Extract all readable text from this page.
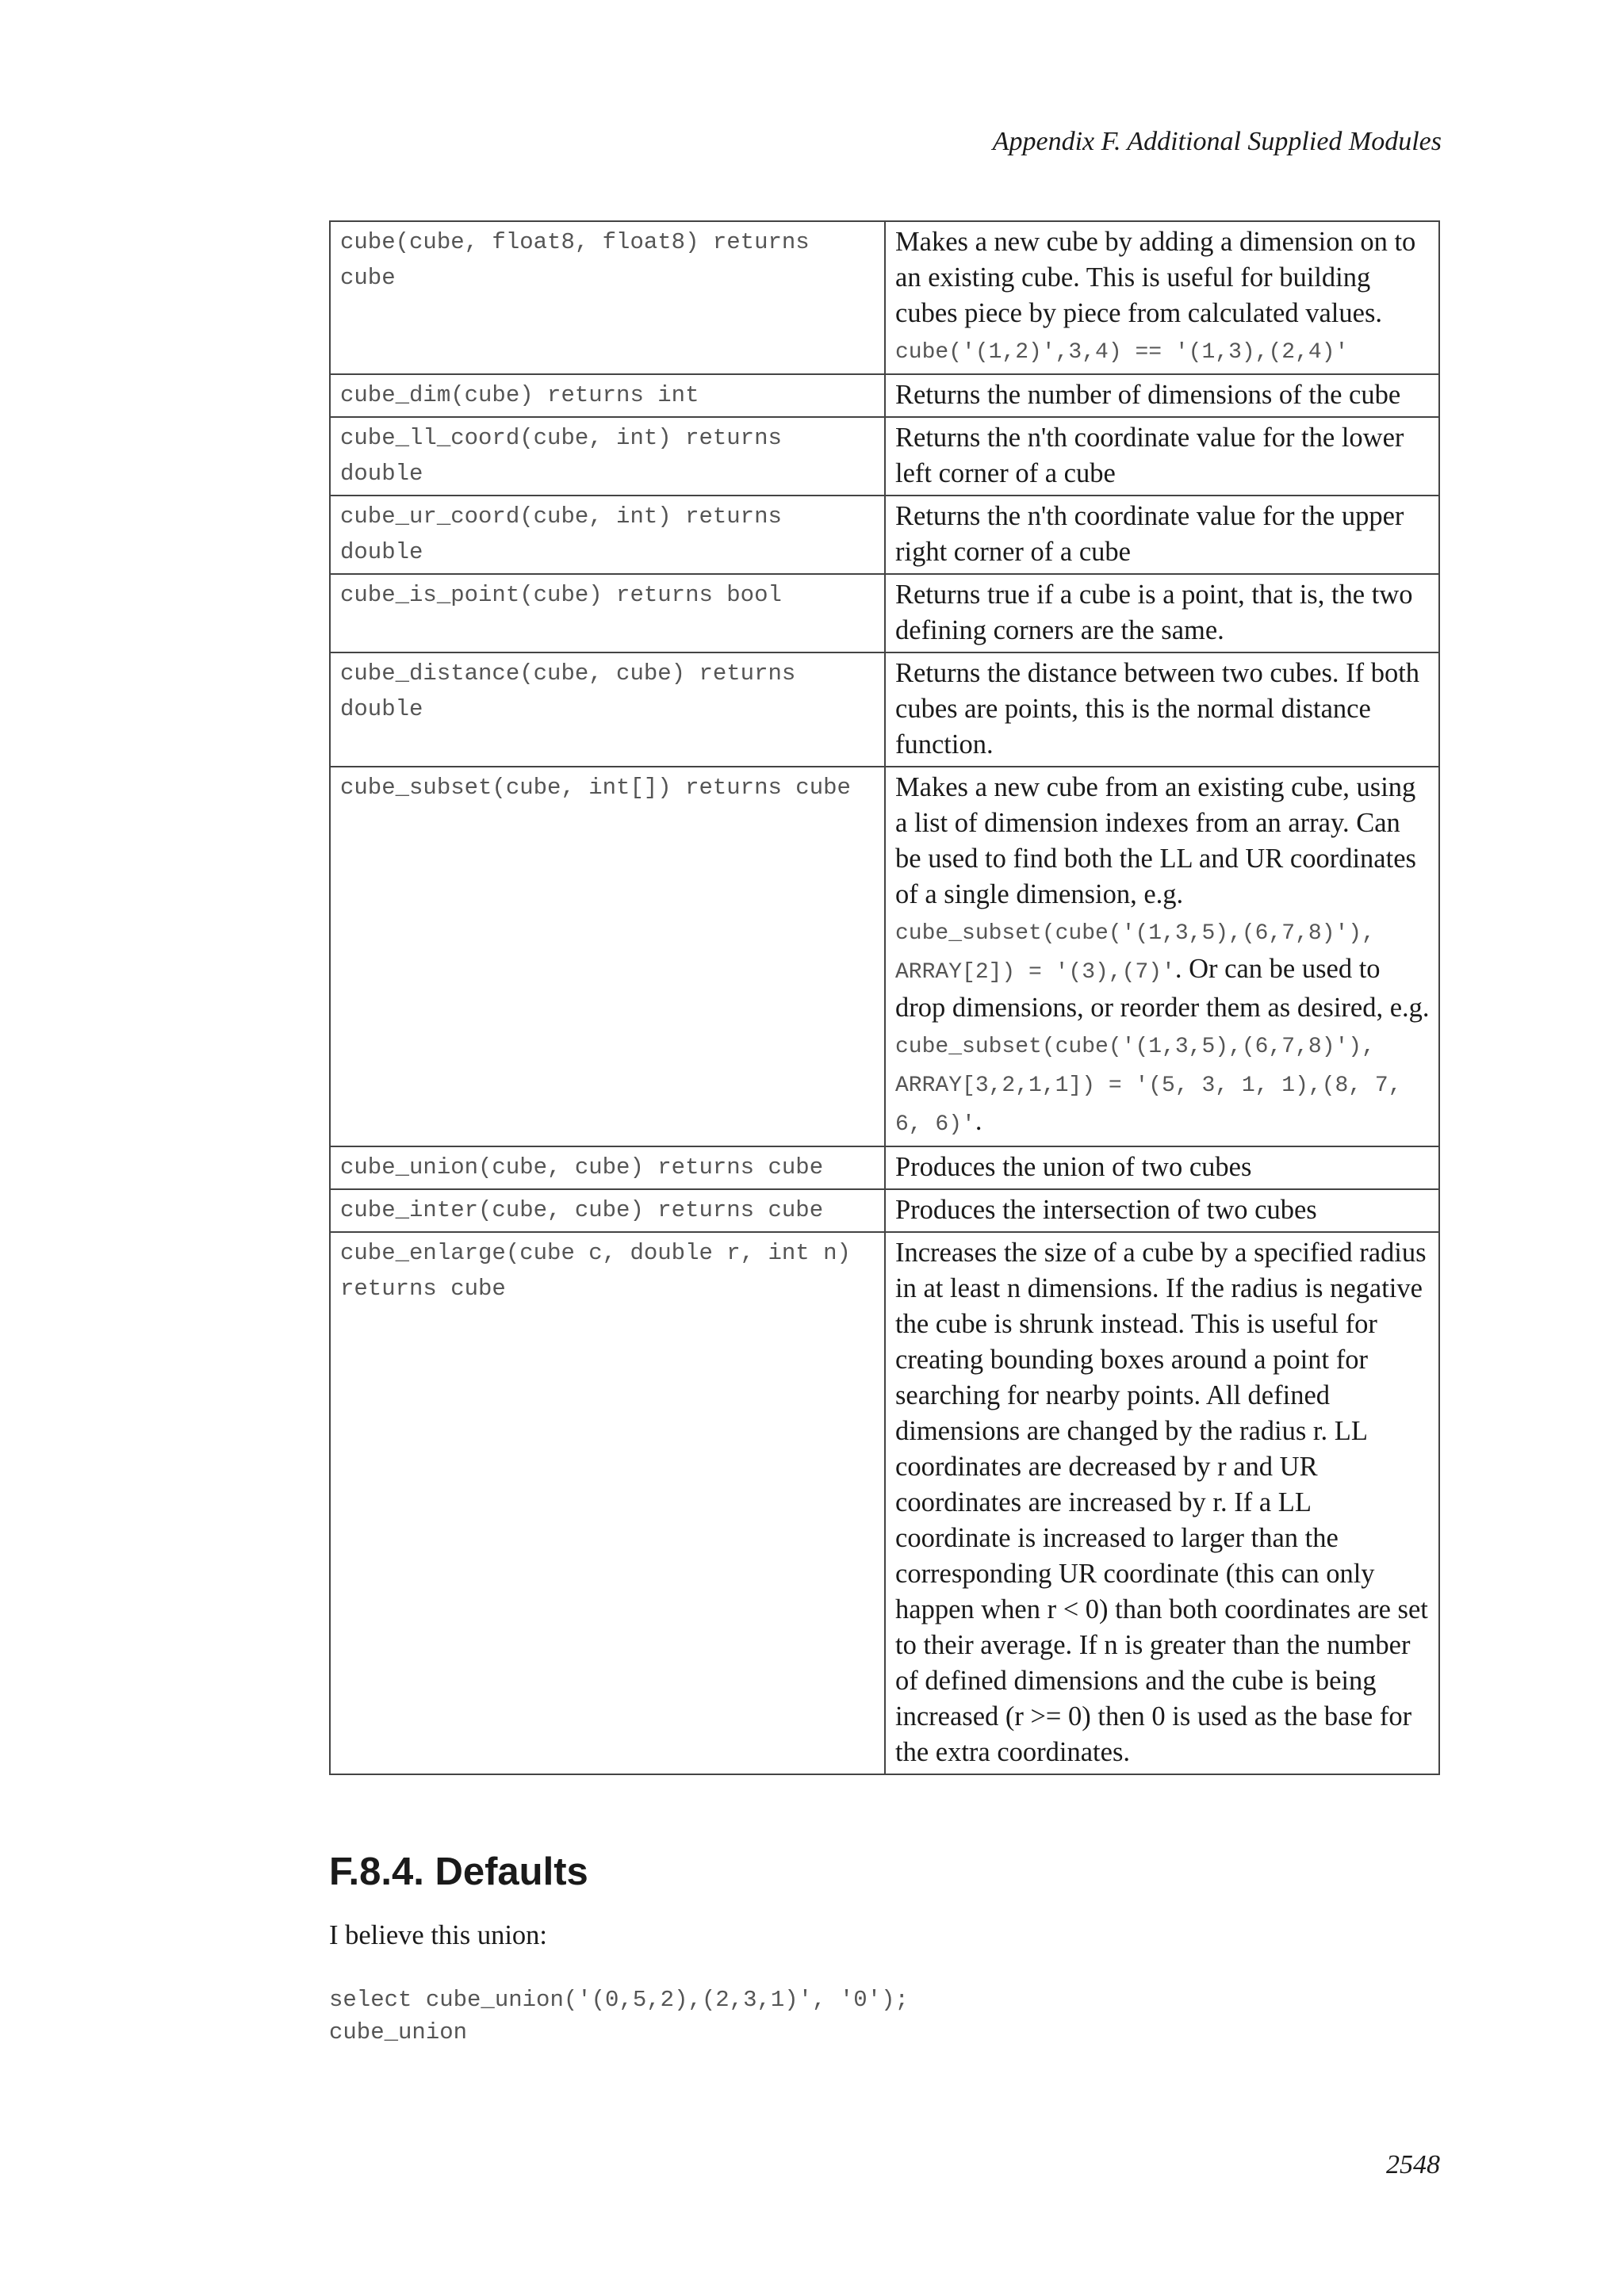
Appendix F. Additional Supplied Modules
cube(cube, float8, float8) returns cube	Makes a new cube by adding a dimension on to an existing cube. This is useful for building cubes piece by piece from calculated values. cube('(1,2)',3,4) == '(1,3),(2,4)'
cube_dim(cube) returns int	Returns the number of dimensions of the cube
cube_ll_coord(cube, int) returns double	Returns the n'th coordinate value for the lower left corner of a cube
cube_ur_coord(cube, int) returns double	Returns the n'th coordinate value for the upper right corner of a cube
cube_is_point(cube) returns bool	Returns true if a cube is a point, that is, the two defining corners are the same.
cube_distance(cube, cube) returns double	Returns the distance between two cubes. If both cubes are points, this is the normal distance function.
cube_subset(cube, int[]) returns cube	Makes a new cube from an existing cube, using a list of dimension indexes from an array. Can be used to find both the LL and UR coordinates of a single dimension, e.g. cube_subset(cube('(1,3,5),(6,7,8)'), ARRAY[2]) = '(3),(7)'. Or can be used to drop dimensions, or reorder them as desired, e.g. cube_subset(cube('(1,3,5),(6,7,8)'), ARRAY[3,2,1,1]) = '(5, 3, 1, 1),(8, 7, 6, 6)'.
cube_union(cube, cube) returns cube	Produces the union of two cubes
cube_inter(cube, cube) returns cube	Produces the intersection of two cubes
cube_enlarge(cube c, double r, int n) returns cube	Increases the size of a cube by a specified radius in at least n dimensions. If the radius is negative the cube is shrunk instead. This is useful for creating bounding boxes around a point for searching for nearby points. All defined dimensions are changed by the radius r. LL coordinates are decreased by r and UR coordinates are increased by r. If a LL coordinate is increased to larger than the corresponding UR coordinate (this can only happen when r < 0) than both coordinates are set to their average. If n is greater than the number of defined dimensions and the cube is being increased (r >= 0) then 0 is used as the base for the extra coordinates.
F.8.4. Defaults

I believe this union:

select cube_union('(0,5,2),(2,3,1)', '0');
cube_union
2548
